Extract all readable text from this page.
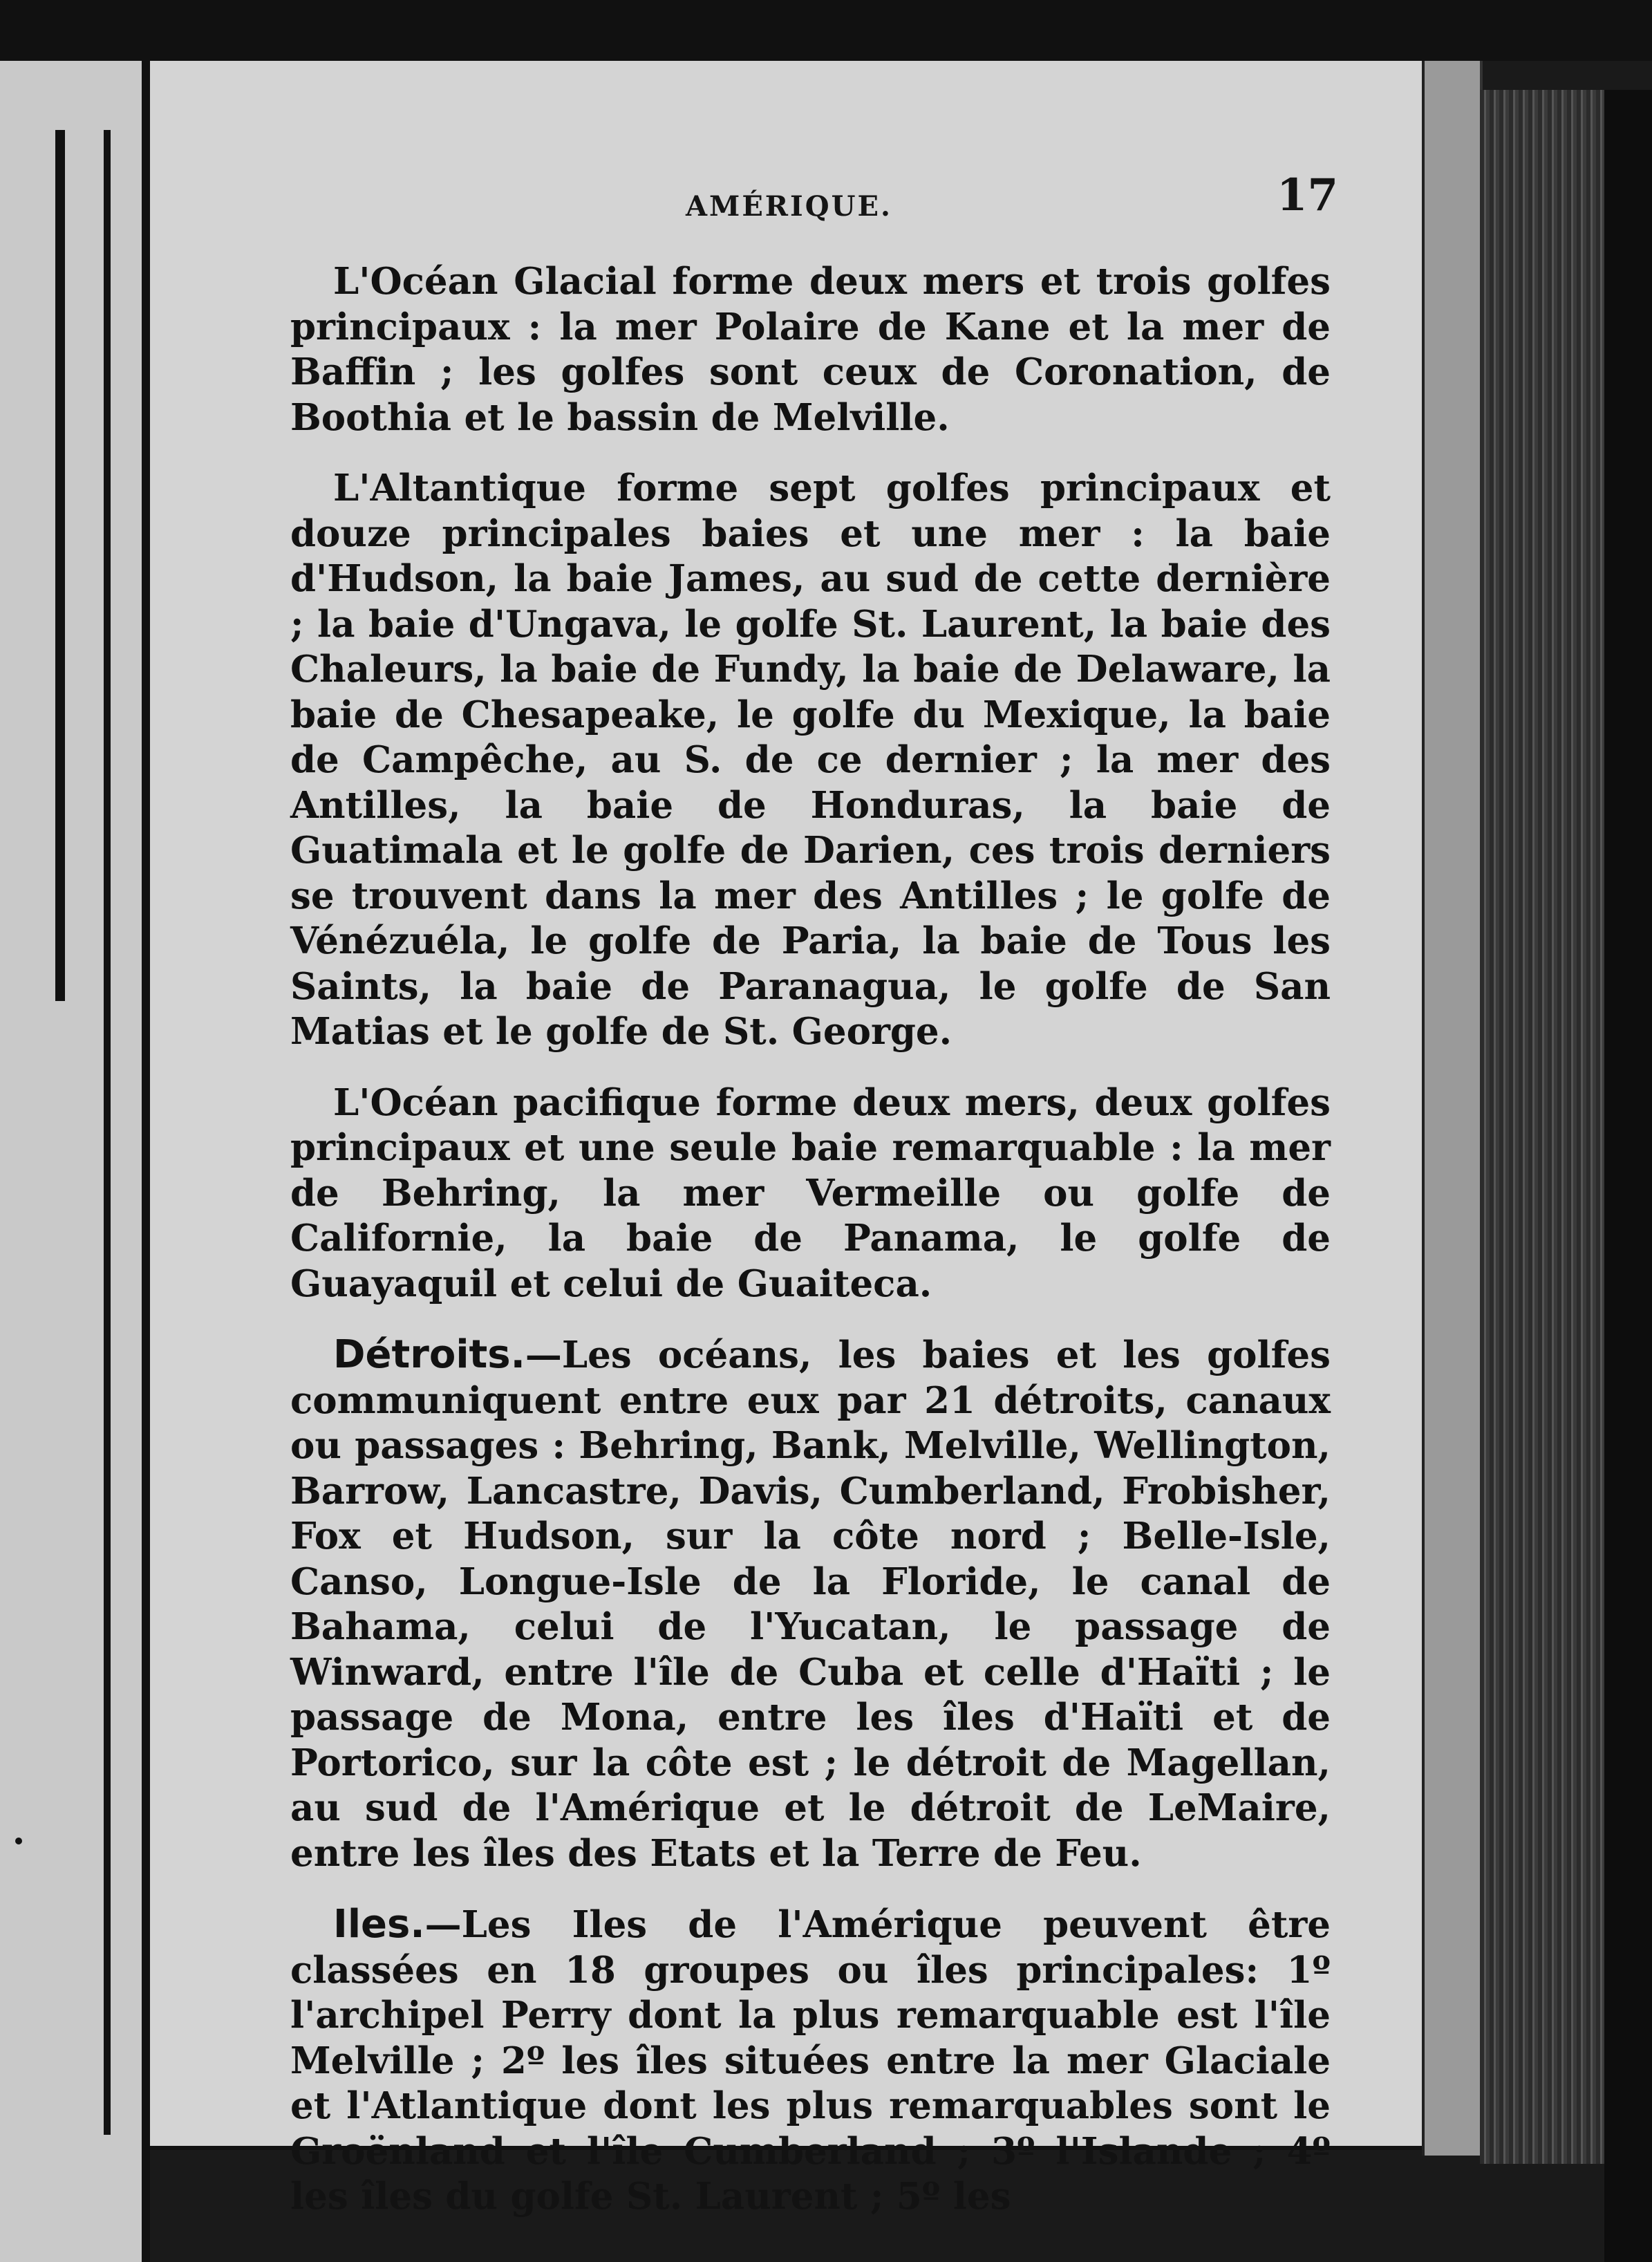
AMÉRIQUE.	17

L'Océan Glacial forme deux mers et trois golfes principaux : la mer Polaire de Kane et la mer de Baffin ; les golfes sont ceux de Coronation, de Boothia et le bassin de Melville.

L'Altantique forme sept golfes principaux et douze principales baies et une mer : la baie d'Hudson, la baie James, au sud de cette dernière ; la baie d'Ungava, le golfe St. Laurent, la baie des Chaleurs, la baie de Fundy, la baie de Delaware, la baie de Chesapeake, le golfe du Mexique, la baie de Campêche, au S. de ce dernier ; la mer des Antilles, la baie de Honduras, la baie de Guatimala et le golfe de Darien, ces trois derniers se trouvent dans la mer des Antilles ; le golfe de Vénézuéla, le golfe de Paria, la baie de Tous les Saints, la baie de Paranagua, le golfe de San Matias et le golfe de St. George.

L'Océan pacifique forme deux mers, deux golfes principaux et une seule baie remarquable : la mer de Behring, la mer Vermeille ou golfe de Californie, la baie de Panama, le golfe de Guayaquil et celui de Guaiteca.

Détroits.—Les océans, les baies et les golfes communiquent entre eux par 21 détroits, canaux ou passages : Behring, Bank, Melville, Wellington, Barrow, Lancastre, Davis, Cumberland, Frobisher, Fox et Hudson, sur la côte nord ; Belle-Isle, Canso, Longue-Isle de la Floride, le canal de Bahama, celui de l'Yucatan, le passage de Winward, entre l'île de Cuba et celle d'Haïti ; le passage de Mona, entre les îles d'Haïti et de Portorico, sur la côte est ; le détroit de Magellan, au sud de l'Amérique et le détroit de LeMaire, entre les îles des Etats et la Terre de Feu.

Iles.—Les Iles de l'Amérique peuvent être classées en 18 groupes ou îles principales: 1º l'archipel Perry dont la plus remarquable est l'île Melville ; 2º les îles situées entre la mer Glaciale et l'Atlantique dont les plus remarquables sont le Groënland et l'île Cumberland ; 3º l'Islande ; 4º les îles du golfe St. Laurent ; 5º les
